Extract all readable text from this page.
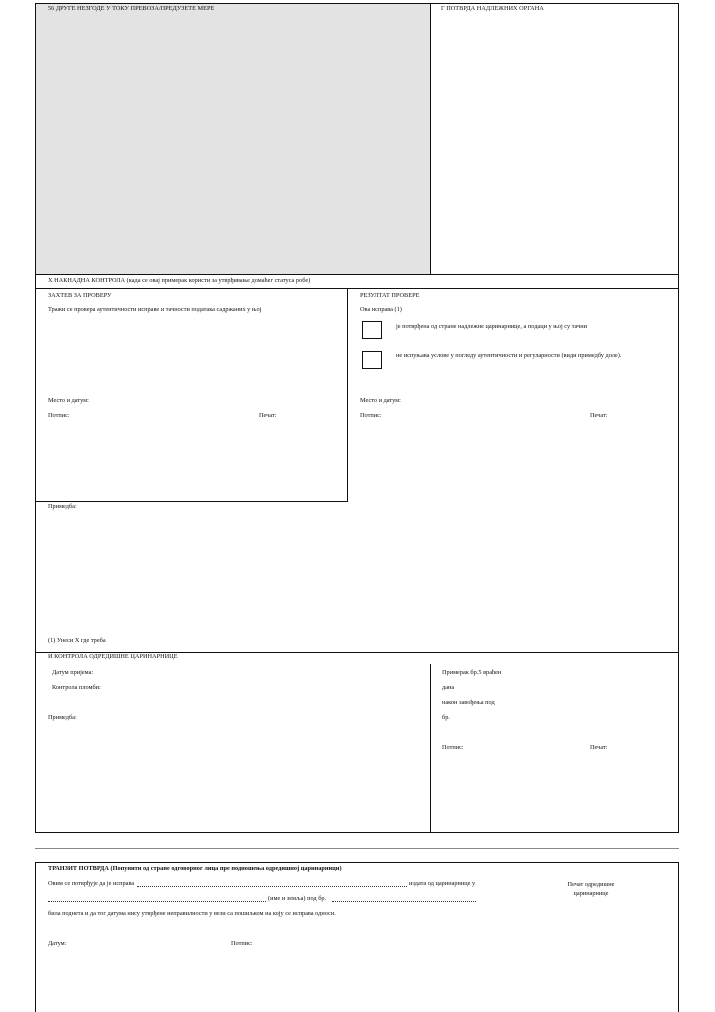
56 ДРУГЕ НЕЗГОДЕ У ТОКУ ПРЕВОЗА/ПРЕДУЗЕТЕ МЕРЕ	Г ПОТВРДА НАДЛЕЖНИХ ОРГАНА
Х НАКНАДНА КОНТРОЛА (када се овај примерак користи за утврђивање домаћег статуса робе)
ЗАХТЕВ ЗА ПРОВЕРУ
Тражи се провера аутентичности исправе и тачности података садржаних у њој
Место и датум:
Потпис:	Печат:
РЕЗУЛТАТ ПРОВЕРЕ
Ова исправа (1)
је потврђена од стране надлежне царинарнице, а подаци у њој су тачни
не испуњава услове у погледу аутентичности и регуларности (види примедбу доле).
Место и датум:
Потпис:	Печат:
Примедба:
(1) Унеси Х где треба
И КОНТРОЛА ОДРЕДИШНЕ ЦАРИНАРНИЦЕ
Датум пријемa:
Контрола пломби:
Примедба:
Примерак бр.5 враћен
дана
након завођења под
бр.
Потпис:	Печат:
ТРАНЗИТ ПОТВРДА (Попунити од стране одговорног лица пре подношења одредишној царинарници)
Овим се потврђује да је исправа	издата од царинарнице у
(име и земља) под бр.
била поднета и да тог датума нису утврђене неправилности у вези са пошиљком на коју се исправа односи.
Датум:	Потпис:
Печат одредишне царинарнице
